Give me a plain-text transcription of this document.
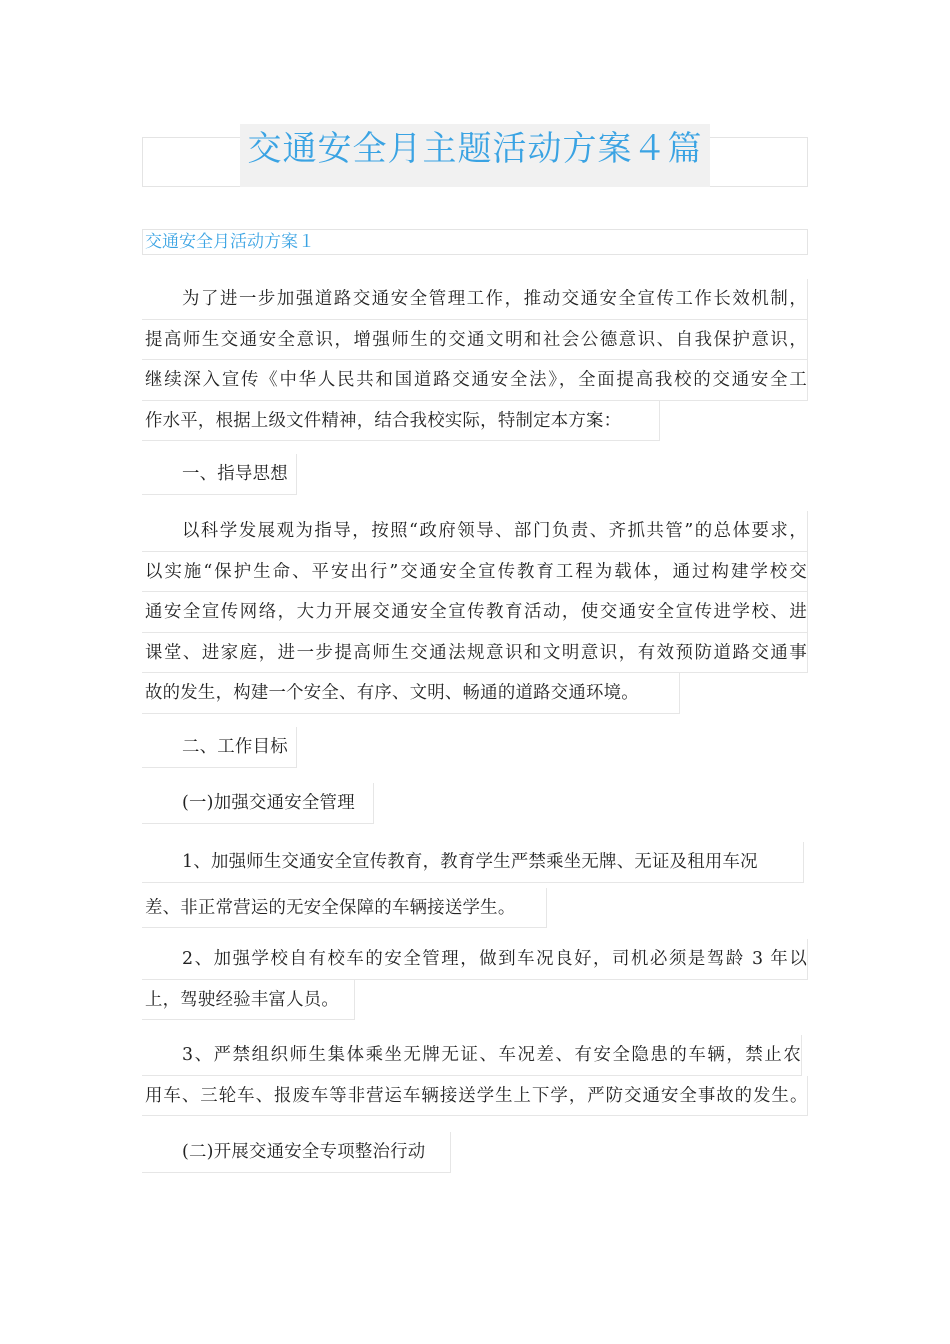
交通安全月主题活动方案４篇
交通安全月活动方案１
为了进一步加强道路交通安全管理工作，推动交通安全宣传工作长效机制，
提高师生交通安全意识，增强师生的交通文明和社会公德意识、自我保护意识，
继续深入宣传《中华人民共和国道路交通安全法》，全面提高我校的交通安全工
作水平，根据上级文件精神，结合我校实际，特制定本方案：
一、指导思想
以科学发展观为指导，按照“政府领导、部门负责、齐抓共管”的总体要求，
以实施“保护生命、平安出行”交通安全宣传教育工程为载体，通过构建学校交
通安全宣传网络，大力开展交通安全宣传教育活动，使交通安全宣传进学校、进
课堂、进家庭，进一步提高师生交通法规意识和文明意识，有效预防道路交通事
故的发生，构建一个安全、有序、文明、畅通的道路交通环境。
二、工作目标
(一)加强交通安全管理
1、加强师生交通安全宣传教育，教育学生严禁乘坐无牌、无证及租用车况 差、非正常营运的无安全保障的车辆接送学生。
2、加强学校自有校车的安全管理，做到车况良好，司机必须是驾龄 3 年以
上，驾驶经验丰富人员。
3、严禁组织师生集体乘坐无牌无证、车况差、有安全隐患的车辆，禁止农
用车、三轮车、报废车等非营运车辆接送学生上下学，严防交通安全事故的发生。
(二)开展交通安全专项整治行动
